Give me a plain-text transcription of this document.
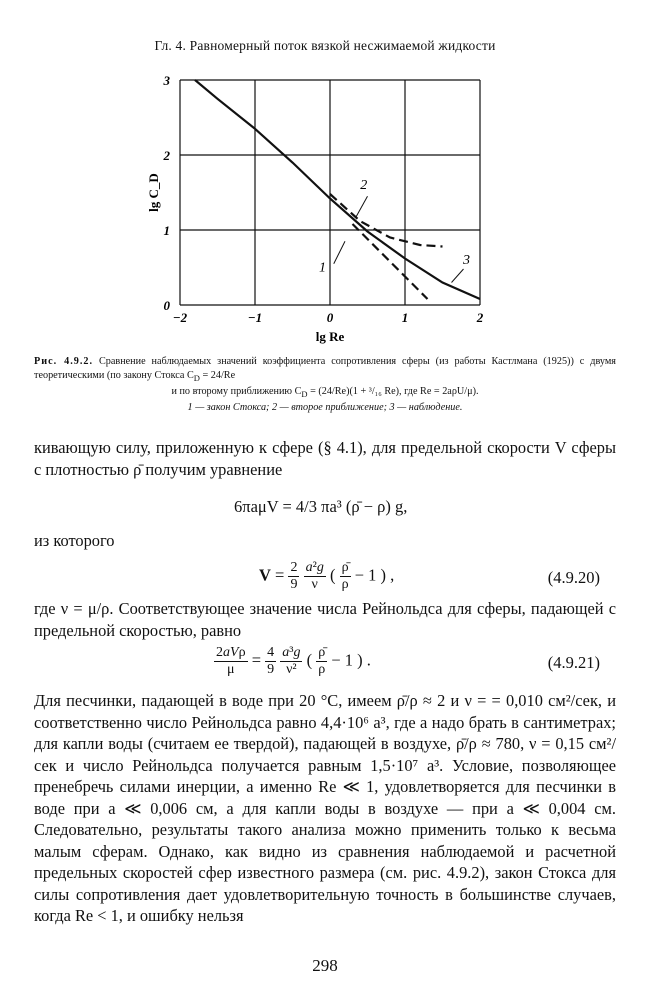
Гл. 4. Равномерный поток вязкой несжимаемой жидкости
−2	−1	0	1	2
0
1
2
3
lg Re
lg C_D
1
2
3

Рис. 4.9.2. Сравнение наблюдаемых значений коэффициента сопротивления сферы (из работы Кастлмана (1925)) с двумя теоретическими (по закону Стокса $C_D = 24/Re$

и по второму приближению $C_D = (24/Re)(1 + ^3/_{16}$ Re), где Re = 2aρU/μ).

1 — закон Стокса; 2 — второе приближение; 3 — наблюдение.

кивающую силу, приложенную к сфере (§ 4.1), для предельной скорости V сферы с плотностью ρ̄ получим уравнение

6πaμV = 4/3 πa³ (ρ̄ − ρ) g,

из которого

$V = \frac{2}{9}$
$\frac{\text{a²g}}{\nu}$ ( $\frac{\rhō}{\rho} - 1$ ) ,	(4.9.20)

где ν = μ/ρ. Соответствующее значение числа Рейнольдса для сферы, падающей с предельной скоростью, равно

$\frac{\text{2aVρ}}{\mu} = \frac{4}{9}$
$\frac{\text{a³g}}{\text{ν²}}$ ( $\frac{\rhō}{\rho} - 1$ ) .	(4.9.21)

Для песчинки, падающей в воде при 20 °С, имеем ρ̄/ρ ≈ 2 и ν = = 0,010 см²/сек, и соответственно число Рейнольдса равно 4,4·10⁶ a³, где a надо брать в сантиметрах; для капли воды (считаем ее твердой), падающей в воздухе, ρ̄/ρ ≈ 780, ν = 0,15 см²/сек и число Рейнольдса получается равным 1,5·10⁷ a³. Условие, позволяющее пренебречь силами инерции, а именно Re ≪ 1, удовлетворяется для песчинки в воде при a ≪ 0,006 см, а для капли воды в воздухе — при a ≪ 0,004 см. Следовательно, результаты такого анализа можно применить только к весьма малым сферам. Однако, как видно из сравнения наблюдаемой и расчетной предельных скоростей сфер известного размера (см. рис. 4.9.2), закон Стокса для силы сопротивления дает удовлетворительную точность в большинстве случаев, когда Re < 1, и ошибку нельзя

298
